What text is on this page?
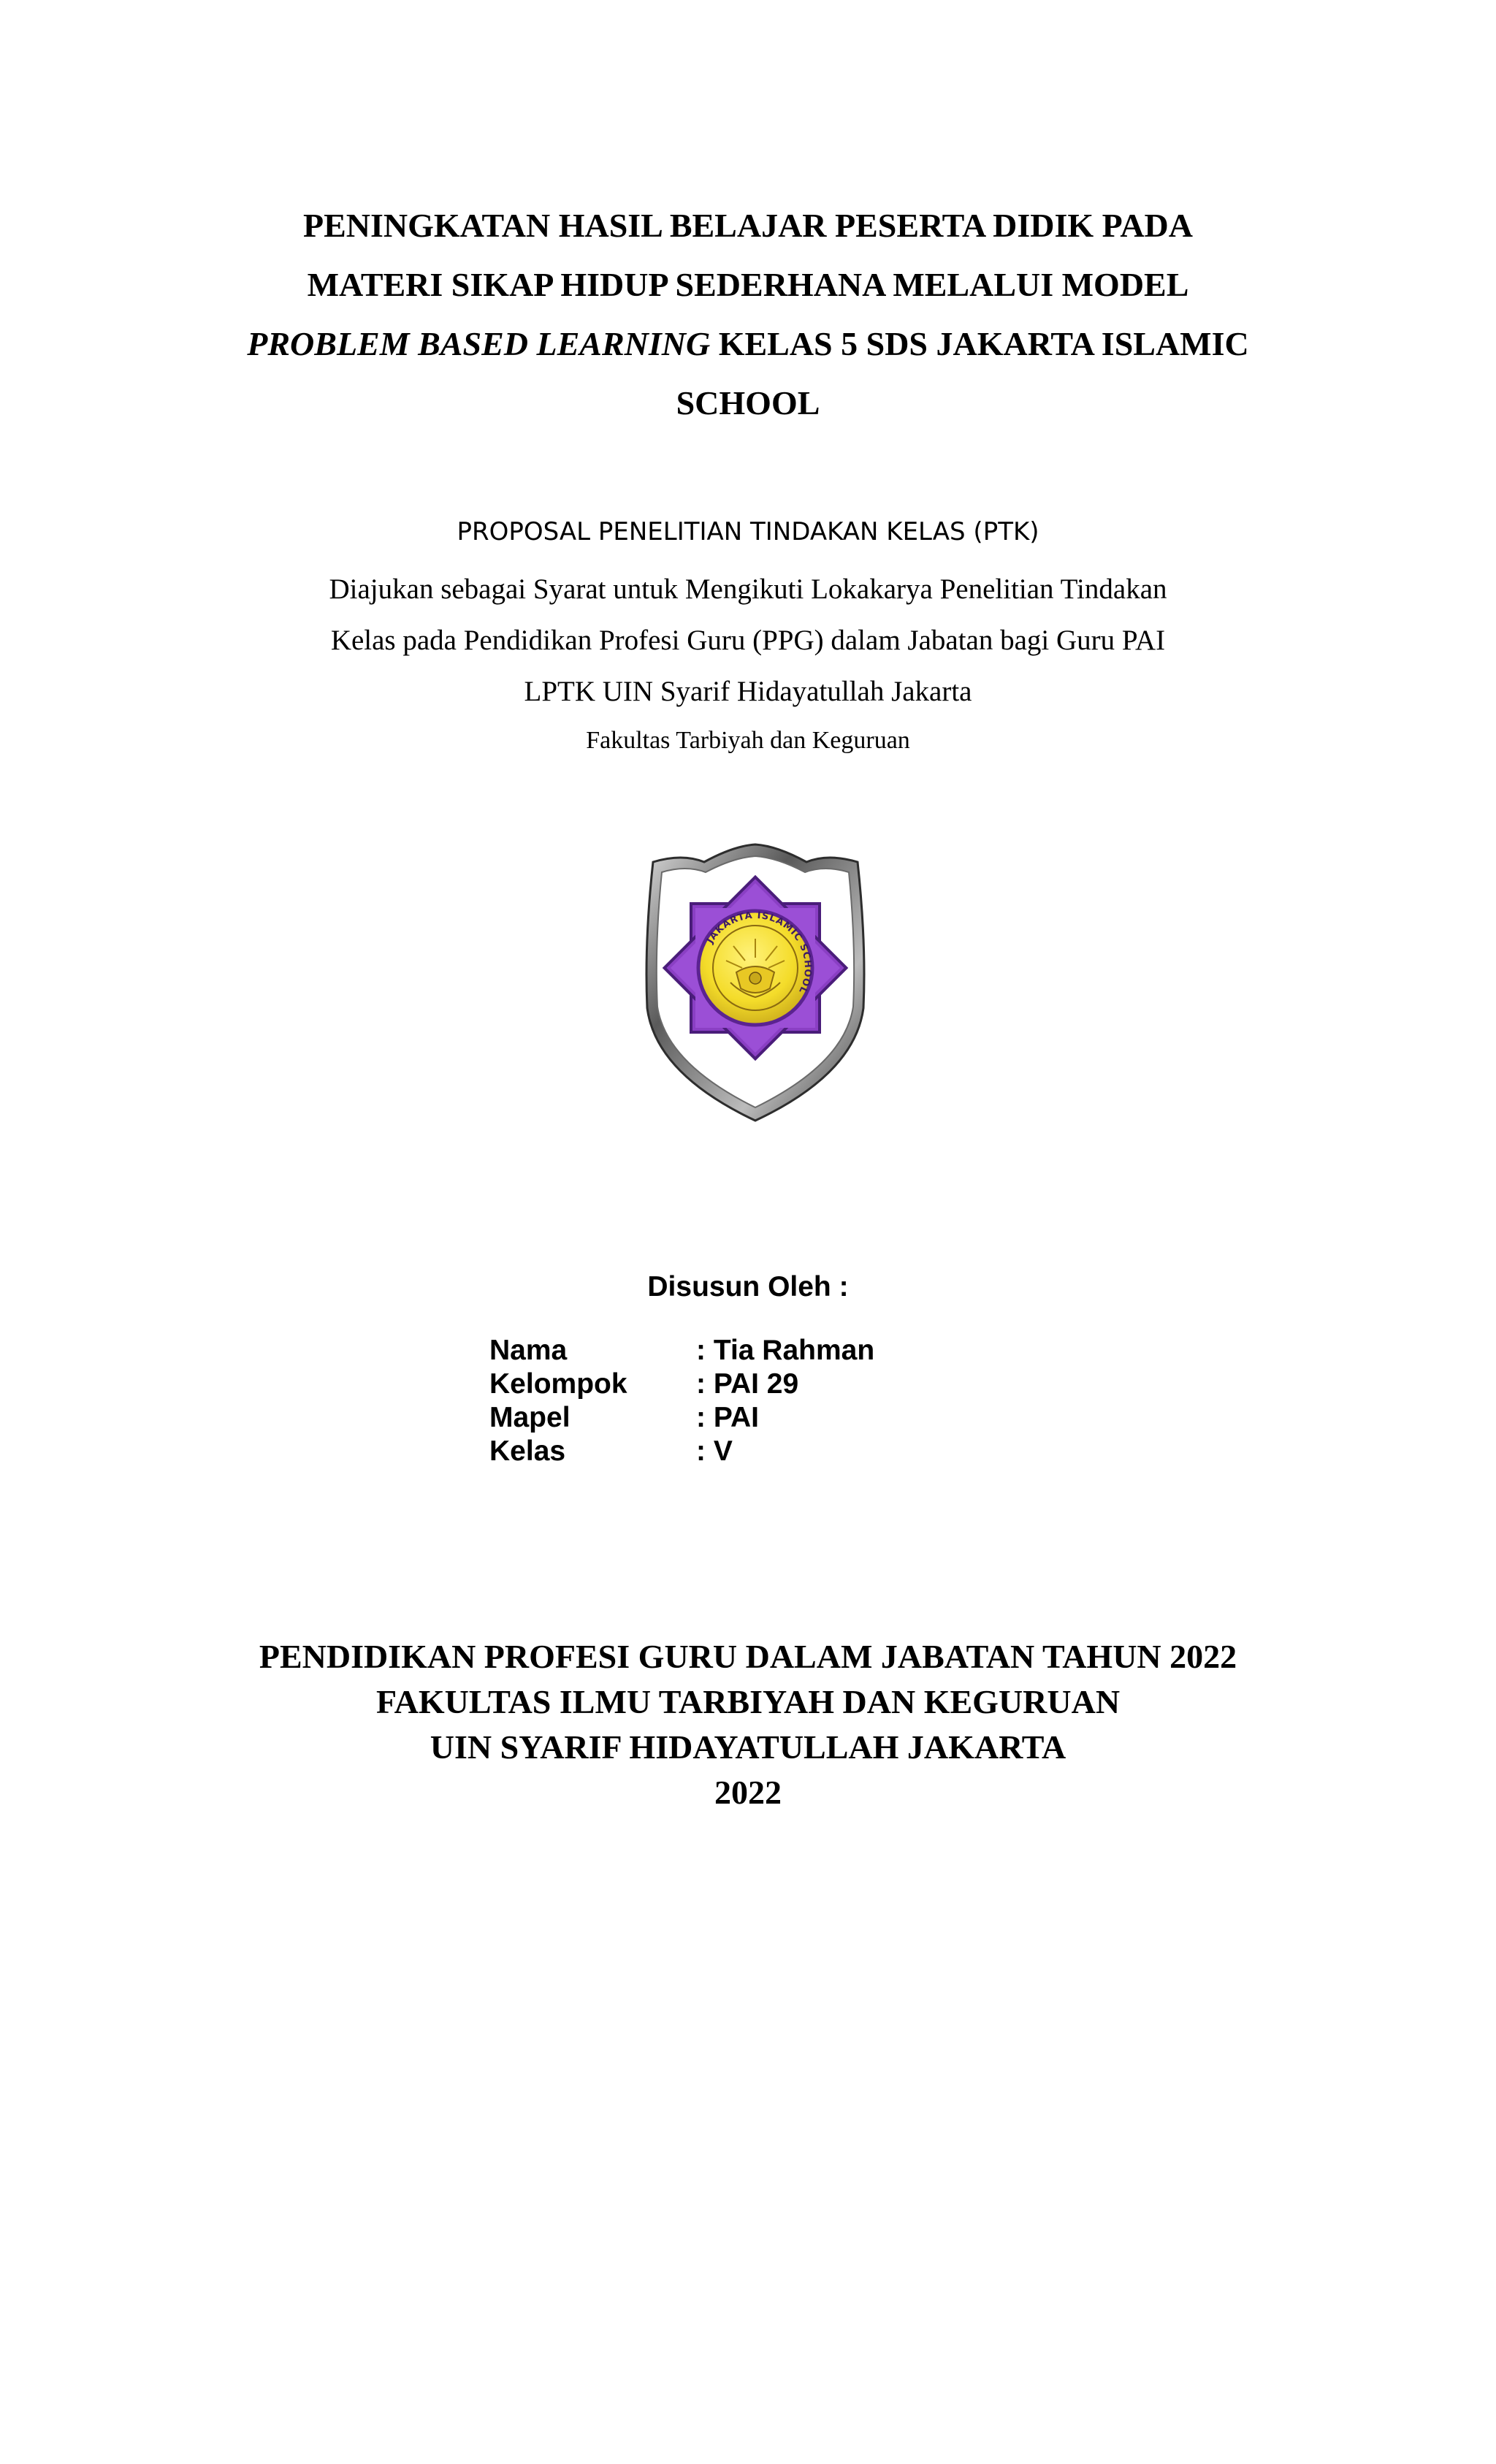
PENINGKATAN HASIL BELAJAR PESERTA DIDIK PADA
MATERI SIKAP HIDUP SEDERHANA MELALUI MODEL
PROBLEM BASED LEARNING KELAS 5 SDS JAKARTA ISLAMIC
SCHOOL
PROPOSAL PENELITIAN TINDAKAN KELAS (PTK)
Diajukan sebagai Syarat untuk Mengikuti Lokakarya Penelitian Tindakan
Kelas pada Pendidikan Profesi Guru (PPG) dalam Jabatan bagi Guru PAI
LPTK UIN Syarif Hidayatullah Jakarta
Fakultas Tarbiyah dan Keguruan
JAKARTA ISLAMIC SCHOOL
Disusun Oleh :
Nama	: Tia Rahman
Kelompok : PAI 29
Mapel	: PAI
Kelas	: V
PENDIDIKAN PROFESI GURU DALAM JABATAN TAHUN 2022
FAKULTAS ILMU TARBIYAH DAN KEGURUAN
UIN SYARIF HIDAYATULLAH JAKARTA
2022
